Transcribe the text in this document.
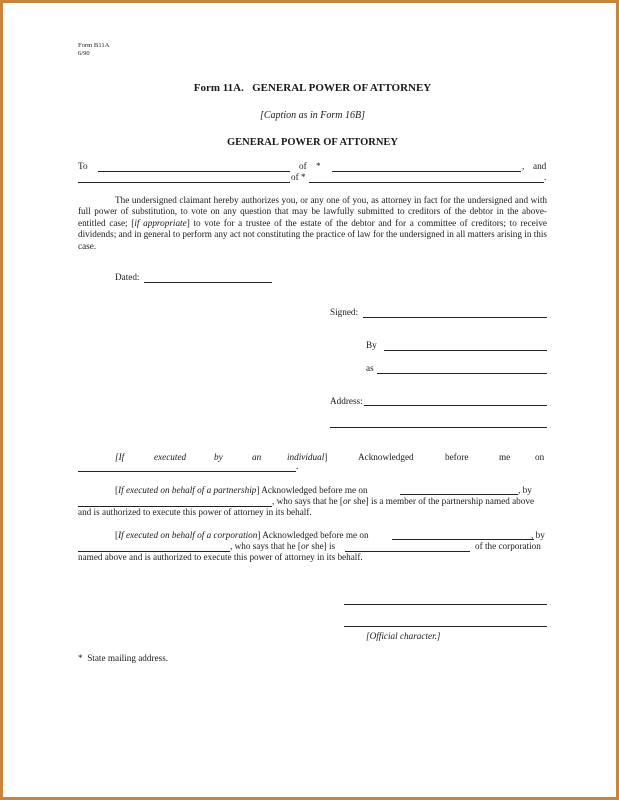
Form B11A
6/90
Form 11A.   GENERAL POWER OF ATTORNEY
[Caption as in Form 16B]
GENERAL POWER OF ATTORNEY
To	of *	, and
of *	.
The undersigned claimant hereby authorizes you, or any one of you, as attorney in fact for the undersigned and with full power of substitution, to vote on any question that may be lawfully submitted to creditors of the debtor in the above-entitled case; [if appropriate] to vote for a trustee of the estate of the debtor and for a committee of creditors; to receive dividends; and in general to perform any act not constituting the practice of law for the undersigned in all matters arising in this case.
Dated:
Signed:
By
as
Address:
[If	executed	by	an	individual]	Acknowledged	before	me	on
.
[If executed on behalf of a partnership] Acknowledged before me on	, by
, who says that he [or she] is a member of the partnership named above
and is authorized to execute this power of attorney in its behalf.
[If executed on behalf of a corporation] Acknowledged before me on	, by
, who says that he [or she] is	of the corporation
named above and is authorized to execute this power of attorney in its behalf.
[Official character.]
*  State mailing address.
